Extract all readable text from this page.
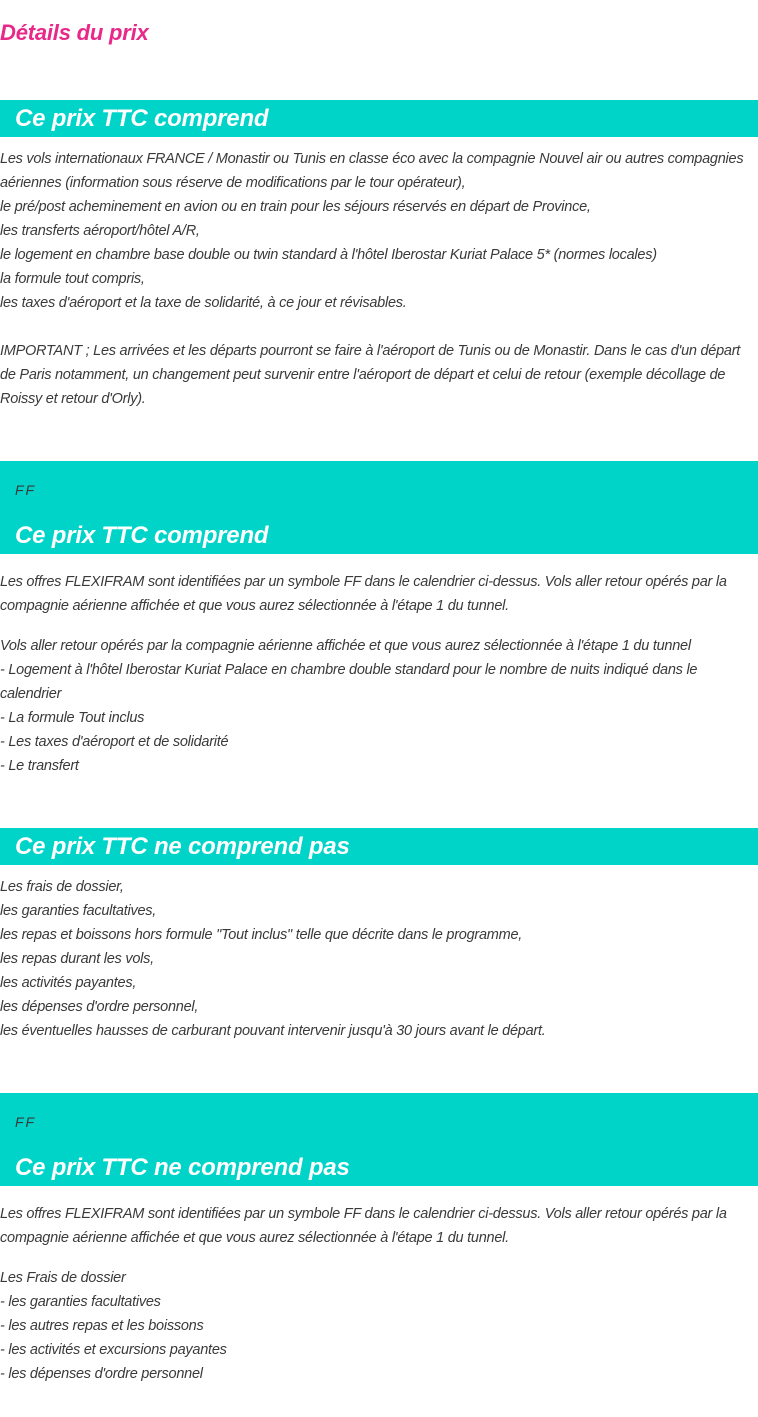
Détails du prix
Ce prix TTC comprend
Les vols internationaux FRANCE / Monastir ou Tunis en classe éco avec la compagnie Nouvel air ou autres compagnies
aériennes (information sous réserve de modifications par le tour opérateur),
le pré/post acheminement en avion ou en train pour les séjours réservés en départ de Province,
les transferts aéroport/hôtel A/R,
le logement en chambre base double ou twin standard à l'hôtel Iberostar Kuriat Palace 5* (normes locales)
la formule tout compris,
les taxes d'aéroport et la taxe de solidarité, à ce jour et révisables.
IMPORTANT ; Les arrivées et les départs pourront se faire à l'aéroport de Tunis ou de Monastir. Dans le cas d'un départ
de Paris notamment, un changement peut survenir entre l'aéroport de départ et celui de retour (exemple décollage de
Roissy et retour d'Orly).
FF
Ce prix TTC comprend
Les offres FLEXIFRAM sont identifiées par un symbole FF dans le calendrier ci-dessus. Vols aller retour opérés par la
compagnie aérienne affichée et que vous aurez sélectionnée à l'étape 1 du tunnel.
Vols aller retour opérés par la compagnie aérienne affichée et que vous aurez sélectionnée à l'étape 1 du tunnel
- Logement à l'hôtel Iberostar Kuriat Palace en chambre double standard pour le nombre de nuits indiqué dans le
calendrier
- La formule Tout inclus
- Les taxes d'aéroport et de solidarité
- Le transfert
Ce prix TTC ne comprend pas
Les frais de dossier,
les garanties facultatives,
les repas et boissons hors formule "Tout inclus" telle que décrite dans le programme,
les repas durant les vols,
les activités payantes,
les dépenses d'ordre personnel,
les éventuelles hausses de carburant pouvant intervenir jusqu'à 30 jours avant le départ.
FF
Ce prix TTC ne comprend pas
Les offres FLEXIFRAM sont identifiées par un symbole FF dans le calendrier ci-dessus. Vols aller retour opérés par la
compagnie aérienne affichée et que vous aurez sélectionnée à l'étape 1 du tunnel.
Les Frais de dossier
- les garanties facultatives
- les autres repas et les boissons
- les activités et excursions payantes
- les dépenses d'ordre personnel
